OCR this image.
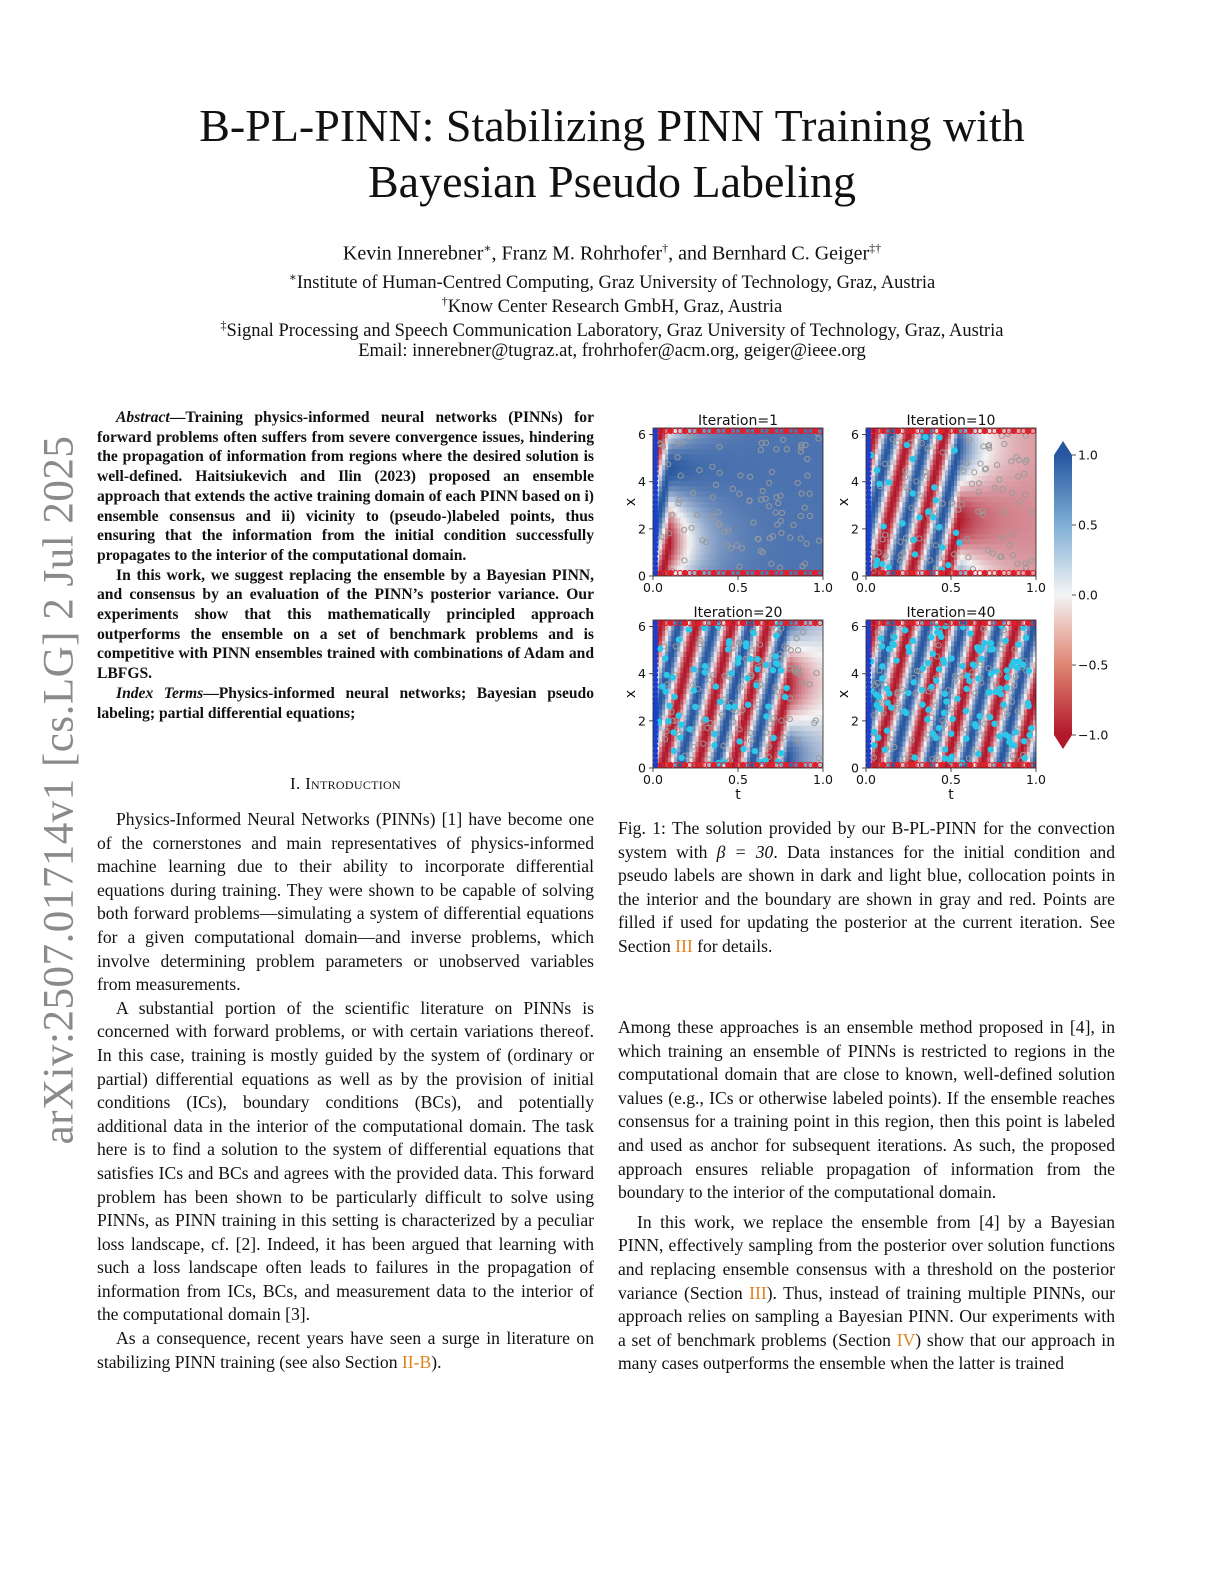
arXiv:2507.01714v1 [cs.LG] 2 Jul 2025
B-PL-PINN: Stabilizing PINN Training with
Bayesian Pseudo Labeling
Kevin Innerebner∗, Franz M. Rohrhofer†, and Bernhard C. Geiger‡†
∗Institute of Human-Centred Computing, Graz University of Technology, Graz, Austria
†Know Center Research GmbH, Graz, Austria
‡Signal Processing and Speech Communication Laboratory, Graz University of Technology, Graz, Austria
Email: innerebner@tugraz.at, frohrhofer@acm.org, geiger@ieee.org

Abstract—Training physics-informed neural networks (PINNs) for forward problems often suffers from severe convergence issues, hindering the propagation of information from regions where the desired solution is well-defined. Haitsiukevich and Ilin (2023) proposed an ensemble approach that extends the active training domain of each PINN based on i) ensemble consensus and ii) vicinity to (pseudo-)labeled points, thus ensuring that the information from the initial condition successfully propagates to the interior of the computational domain.

In this work, we suggest replacing the ensemble by a Bayesian PINN, and consensus by an evaluation of the PINN’s posterior variance. Our experiments show that this mathematically principled approach outperforms the ensemble on a set of benchmark problems and is competitive with PINN ensembles trained with combinations of Adam and LBFGS.

Index Terms—Physics-informed neural networks; Bayesian pseudo labeling; partial differential equations;

I. Introduction

Physics-Informed Neural Networks (PINNs) [1] have become one of the cornerstones and main representatives of physics-informed machine learning due to their ability to incorporate differential equations during training. They were shown to be capable of solving both forward problems—simulating a system of differential equations for a given computational domain—and inverse problems, which involve determining problem parameters or unobserved variables from measurements.

A substantial portion of the scientific literature on PINNs is concerned with forward problems, or with certain variations thereof. In this case, training is mostly guided by the system of (ordinary or partial) differential equations as well as by the provision of initial conditions (ICs), boundary conditions (BCs), and potentially additional data in the interior of the computational domain. The task here is to find a solution to the system of differential equations that satisfies ICs and BCs and agrees with the provided data. This forward problem has been shown to be particularly difficult to solve using PINNs, as PINN training in this setting is characterized by a peculiar loss landscape, cf. [2]. Indeed, it has been argued that learning with such a loss landscape often leads to failures in the propagation of information from ICs, BCs, and measurement data to the interior of the computational domain [3].

As a consequence, recent years have seen a surge in literature on stabilizing PINN training (see also Section II-B).

Iteration=1
0.0	0.5	1.0
0
2
4
6
x
Iteration=10
0.0	0.5	1.0
0
2
4
6
x
Iteration=20
0.0	0.5	1.0
0
2
4
6
x
t
Iteration=40
0.0	0.5	1.0
0
2
4
6
x
t
1.0
0.5
0.0
−0.5
−1.0
Fig. 1: The solution provided by our B-PL-PINN for the convection system with β = 30. Data instances for the initial condition and pseudo labels are shown in dark and light blue, collocation points in the interior and the boundary are shown in gray and red. Points are filled if used for updating the posterior at the current iteration. See Section III for details.

Among these approaches is an ensemble method proposed in [4], in which training an ensemble of PINNs is restricted to regions in the computational domain that are close to known, well-defined solution values (e.g., ICs or otherwise labeled points). If the ensemble reaches consensus for a training point in this region, then this point is labeled and used as anchor for subsequent iterations. As such, the proposed approach ensures reliable propagation of information from the boundary to the interior of the computational domain.

In this work, we replace the ensemble from [4] by a Bayesian PINN, effectively sampling from the posterior over solution functions and replacing ensemble consensus with a threshold on the posterior variance (Section III). Thus, instead of training multiple PINNs, our approach relies on sampling a Bayesian PINN. Our experiments with a set of benchmark problems (Section IV) show that our approach in many cases outperforms the ensemble when the latter is trained
